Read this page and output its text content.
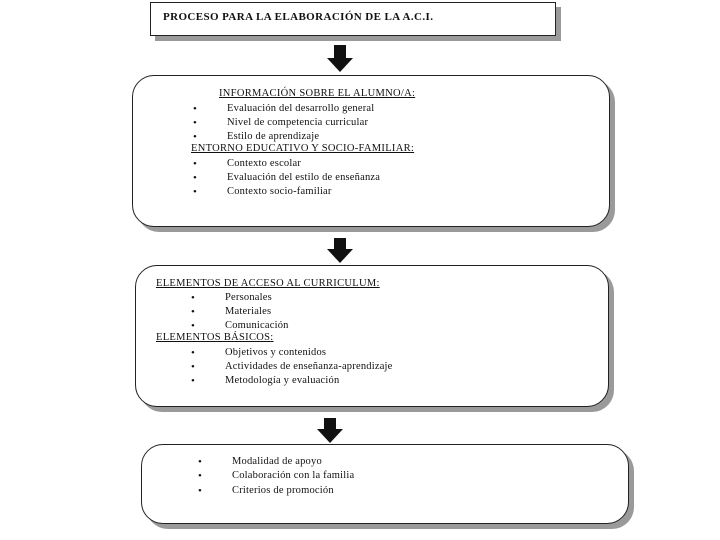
PROCESO PARA LA ELABORACIÓN DE LA A.C.I.
INFORMACIÓN SOBRE EL ALUMNO/A:
•	Evaluación del desarrollo general
•	Nivel de competencia curricular
•	Estilo de aprendizaje
ENTORNO EDUCATIVO Y SOCIO-FAMILIAR:
•	Contexto escolar
•	Evaluación del estilo de enseñanza
•	Contexto socio-familiar
ELEMENTOS DE ACCESO AL CURRICULUM:
•	Personales
•	Materiales
•	Comunicación
ELEMENTOS BÁSICOS:
•	Objetivos y contenidos
•	Actividades de enseñanza-aprendizaje
•	Metodología y evaluación
•	Modalidad de apoyo
•	Colaboración con la familia
•	Criterios de promoción
